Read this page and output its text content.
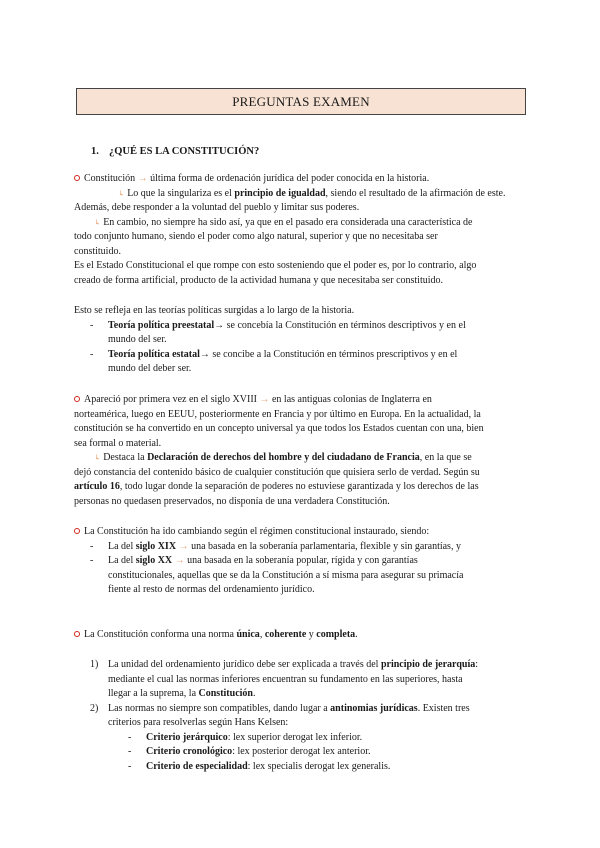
PREGUNTAS EXAMEN
1. ¿QUÉ ES LA CONSTITUCIÓN?

Constitución → última forma de ordenación jurídica del poder conocida en la historia.

↳ Lo que la singulariza es el principio de igualdad, siendo el resultado de la afirmación de este.

Además, debe responder a la voluntad del pueblo y limitar sus poderes.

↳ En cambio, no siempre ha sido así, ya que en el pasado era considerada una característica de

todo conjunto humano, siendo el poder como algo natural, superior y que no necesitaba ser

constituido.

Es el Estado Constitucional el que rompe con esto sosteniendo que el poder es, por lo contrario, algo

creado de forma artificial, producto de la actividad humana y que necesitaba ser constituido.

Esto se refleja en las teorías políticas surgidas a lo largo de la historia.

- Teoría política preestatal→ se concebía la Constitución en términos descriptivos y en el
mundo del ser.
- Teoría política estatal→ se concibe a la Constitución en términos prescriptivos y en el
mundo del deber ser.

Apareció por primera vez en el siglo XVIII → en las antiguas colonias de Inglaterra en

norteamérica, luego en EEUU, posteriormente en Francia y por último en Europa. En la actualidad, la

constitución se ha convertido en un concepto universal ya que todos los Estados cuentan con una, bien

sea formal o material.

↳ Destaca la Declaración de derechos del hombre y del ciudadano de Francia, en la que se

dejó constancia del contenido básico de cualquier constitución que quisiera serlo de verdad. Según su

artículo 16, todo lugar donde la separación de poderes no estuviese garantizada y los derechos de las

personas no quedasen preservados, no disponía de una verdadera Constitución.

La Constitución ha ido cambiando según el régimen constitucional instaurado, siendo:

- La del siglo XIX → una basada en la soberanía parlamentaria, flexible y sin garantías, y
- La del siglo XX → una basada en la soberanía popular, rígida y con garantías
constitucionales, aquellas que se da la Constitución a sí misma para asegurar su primacía
fiente al resto de normas del ordenamiento jurídico.

La Constitución conforma una norma única, coherente y completa.

1) La unidad del ordenamiento jurídico debe ser explicada a través del principio de jerarquía:
mediante el cual las normas inferiores encuentran su fundamento en las superiores, hasta
llegar a la suprema, la Constitución.
2) Las normas no siempre son compatibles, dando lugar a antinomias jurídicas. Existen tres
criterios para resolverlas según Hans Kelsen:
- Criterio jerárquico: lex superior derogat lex inferior.
- Criterio cronológico: lex posterior derogat lex anterior.
- Criterio de especialidad: lex specialis derogat lex generalis.
